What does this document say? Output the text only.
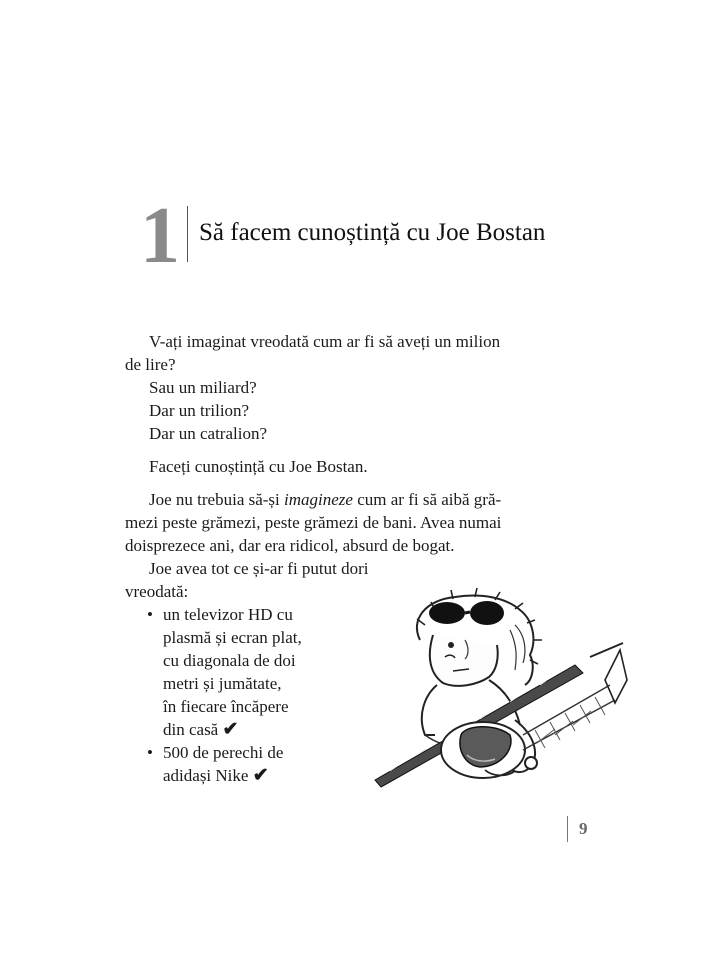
1 Să facem cunoștință cu Joe Bostan
V-ați imaginat vreodată cum ar fi să aveți un milion
de lire?
Sau un miliard?
Dar un trilion?
Dar un catralion?
Faceți cunoștință cu Joe Bostan.
Joe nu trebuia să-și imagineze cum ar fi să aibă gră-
mezi peste grămezi, peste grămezi de bani. Avea numai
doisprezece ani, dar era ridicol, absurd de bogat.
Joe avea tot ce și-ar fi putut dori
vreodată:
• un televizor HD cu
plasmă și ecran plat,
cu diagonala de doi
metri și jumătate,
în fiecare încăpere
din casă ✔
• 500 de perechi de
adidași Nike ✔
9
